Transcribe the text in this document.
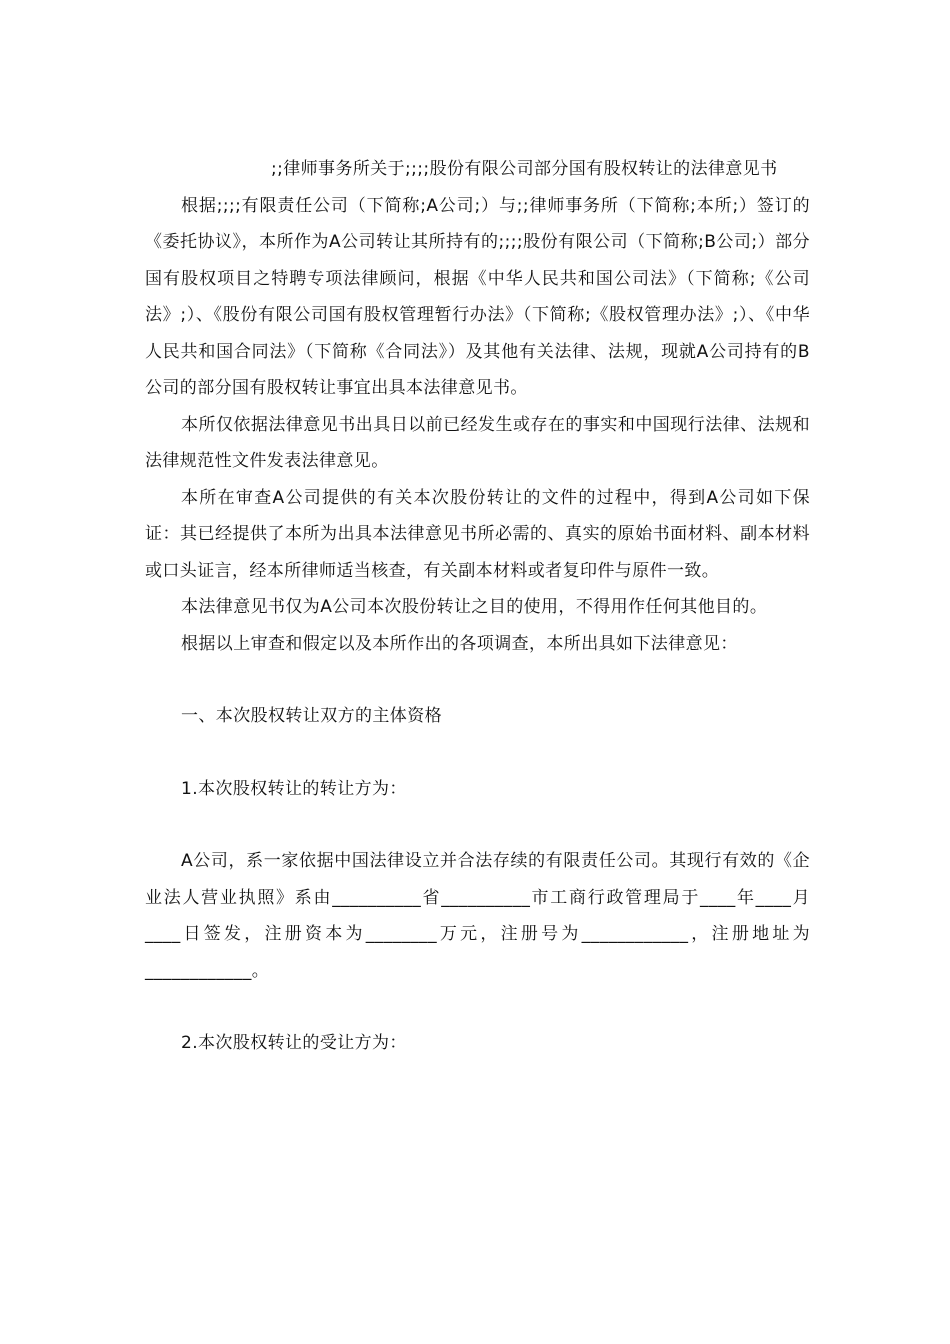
;;律师事务所关于;;;;股份有限公司部分国有股权转让的法律意见书

根据;;;;有限责任公司（下简称;A公司;）与;;律师事务所（下简称;本所;）签订的《委托协议》，本所作为A公司转让其所持有的;;;;股份有限公司（下简称;B公司;）部分国有股权项目之特聘专项法律顾问，根据《中华人民共和国公司法》（下简称;《公司法》;）、《股份有限公司国有股权管理暂行办法》（下简称;《股权管理办法》;）、《中华人民共和国合同法》（下简称《合同法》）及其他有关法律、法规，现就A公司持有的B公司的部分国有股权转让事宜出具本法律意见书。

本所仅依据法律意见书出具日以前已经发生或存在的事实和中国现行法律、法规和法律规范性文件发表法律意见。

本所在审查A公司提供的有关本次股份转让的文件的过程中，得到A公司如下保证：其已经提供了本所为出具本法律意见书所必需的、真实的原始书面材料、副本材料或口头证言，经本所律师适当核查，有关副本材料或者复印件与原件一致。

本法律意见书仅为A公司本次股份转让之目的使用，不得用作任何其他目的。

根据以上审查和假定以及本所作出的各项调查，本所出具如下法律意见：

一、本次股权转让双方的主体资格

1.本次股权转让的转让方为：

A公司，系一家依据中国法律设立并合法存续的有限责任公司。其现行有效的《企业法人营业执照》系由__________省__________市工商行政管理局于____年____月____日签发，注册资本为________万元，注册号为____________，注册地址为____________。

2.本次股权转让的受让方为：
